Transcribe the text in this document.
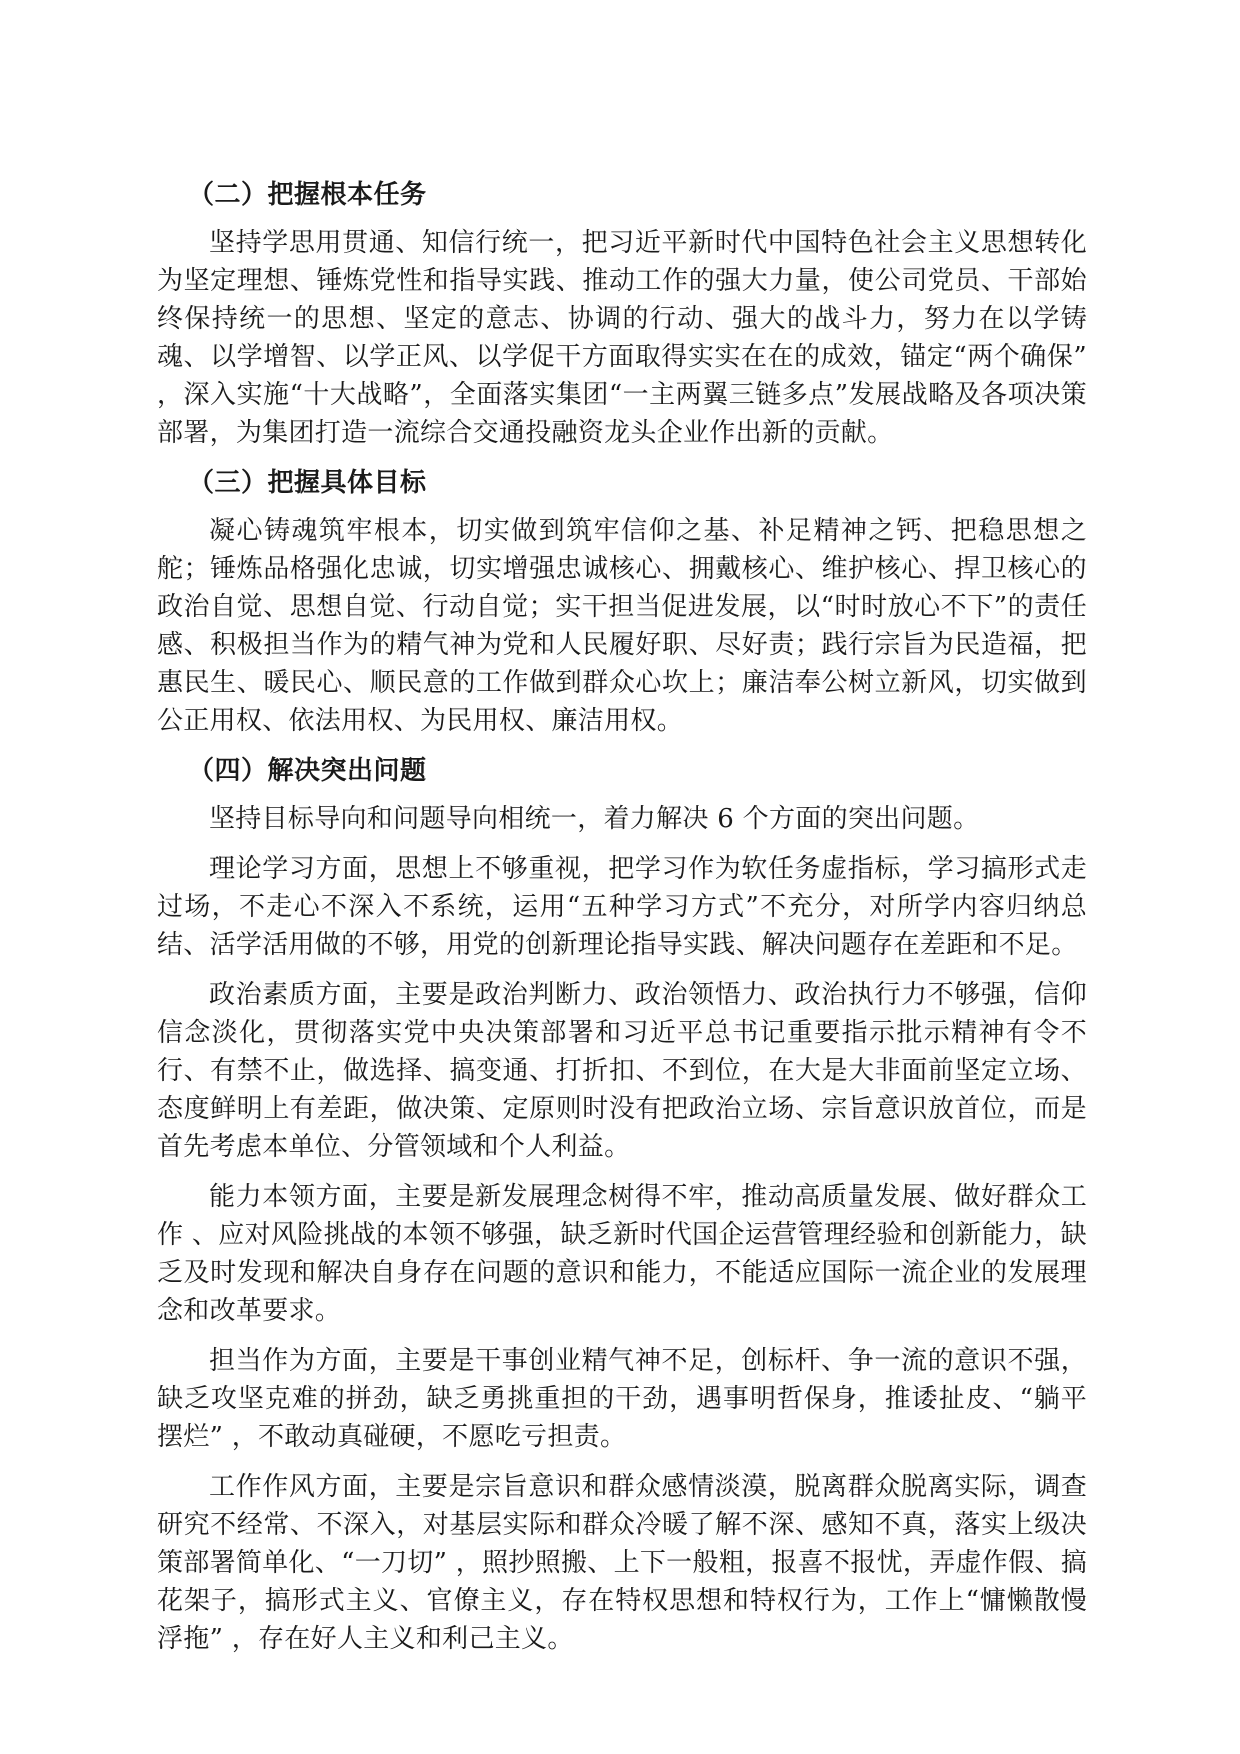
（二）把握根本任务

坚持学思用贯通、知信行统一，把习近平新时代中国特色社会主义思想转化为坚定理想、锤炼党性和指导实践、推动工作的强大力量，使公司党员、干部始终保持统一的思想、坚定的意志、协调的行动、强大的战斗力，努力在以学铸魂、以学增智、以学正风、以学促干方面取得实实在在的成效，锚定“两个确保” ，深入实施“十大战略”，全面落实集团“一主两翼三链多点”发展战略及各项决策部署，为集团打造一流综合交通投融资龙头企业作出新的贡献。

（三）把握具体目标

凝心铸魂筑牢根本，切实做到筑牢信仰之基、补足精神之钙、把稳思想之舵；锤炼品格强化忠诚，切实增强忠诚核心、拥戴核心、维护核心、捍卫核心的政治自觉、思想自觉、行动自觉；实干担当促进发展，以“时时放心不下”的责任感、积极担当作为的精气神为党和人民履好职、尽好责；践行宗旨为民造福，把惠民生、暖民心、顺民意的工作做到群众心坎上；廉洁奉公树立新风，切实做到公正用权、依法用权、为民用权、廉洁用权。

（四）解决突出问题

坚持目标导向和问题导向相统一，着力解决 6 个方面的突出问题。

理论学习方面，思想上不够重视，把学习作为软任务虚指标，学习搞形式走过场，不走心不深入不系统，运用“五种学习方式”不充分，对所学内容归纳总结、活学活用做的不够，用党的创新理论指导实践、解决问题存在差距和不足。

政治素质方面，主要是政治判断力、政治领悟力、政治执行力不够强，信仰信念淡化，贯彻落实党中央决策部署和习近平总书记重要指示批示精神有令不行、有禁不止，做选择、搞变通、打折扣、不到位，在大是大非面前坚定立场、态度鲜明上有差距，做决策、定原则时没有把政治立场、宗旨意识放首位，而是首先考虑本单位、分管领域和个人利益。

能力本领方面，主要是新发展理念树得不牢，推动高质量发展、做好群众工作 、应对风险挑战的本领不够强，缺乏新时代国企运营管理经验和创新能力，缺乏及时发现和解决自身存在问题的意识和能力，不能适应国际一流企业的发展理念和改革要求。

担当作为方面，主要是干事创业精气神不足，创标杆、争一流的意识不强，缺乏攻坚克难的拼劲，缺乏勇挑重担的干劲，遇事明哲保身，推诿扯皮、“躺平摆烂” ，不敢动真碰硬，不愿吃亏担责。

工作作风方面，主要是宗旨意识和群众感情淡漠，脱离群众脱离实际，调查研究不经常、不深入，对基层实际和群众冷暖了解不深、感知不真，落实上级决策部署简单化、“一刀切” ，照抄照搬、上下一般粗，报喜不报忧，弄虚作假、搞花架子，搞形式主义、官僚主义，存在特权思想和特权行为，工作上“慵懒散慢浮拖” ，存在好人主义和利己主义。
